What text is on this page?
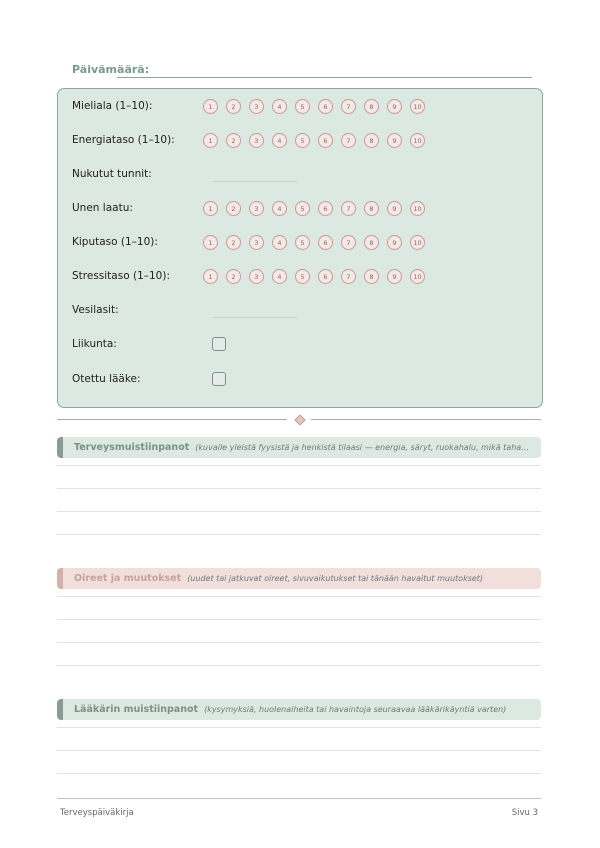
Päivämäärä:
Mieliala (1–10):	1	2	3	4	5	6	7	8	9	10
Energiataso (1–10):	1	2	3	4	5	6	7	8	9	10
Nukutut tunnit:
Unen laatu:	1	2	3	4	5	6	7	8	9	10
Kiputaso (1–10):	1	2	3	4	5	6	7	8	9	10
Stressitaso (1–10):	1	2	3	4	5	6	7	8	9	10
Vesilasit:
Liikunta:
Otettu lääke:
Terveysmuistiinpanot (kuvaile yleistä fyysistä ja henkistä tilaasi — energia, säryt, ruokahalu, mikä taha…
Oireet ja muutokset (uudet tai jatkuvat oireet, sivuvaikutukset tai tänään havaitut muutokset)
Lääkärin muistiinpanot (kysymyksiä, huolenaiheita tai havaintoja seuraavaa lääkärikäyntiä varten)
Terveyspäiväkirja	Sivu 3
